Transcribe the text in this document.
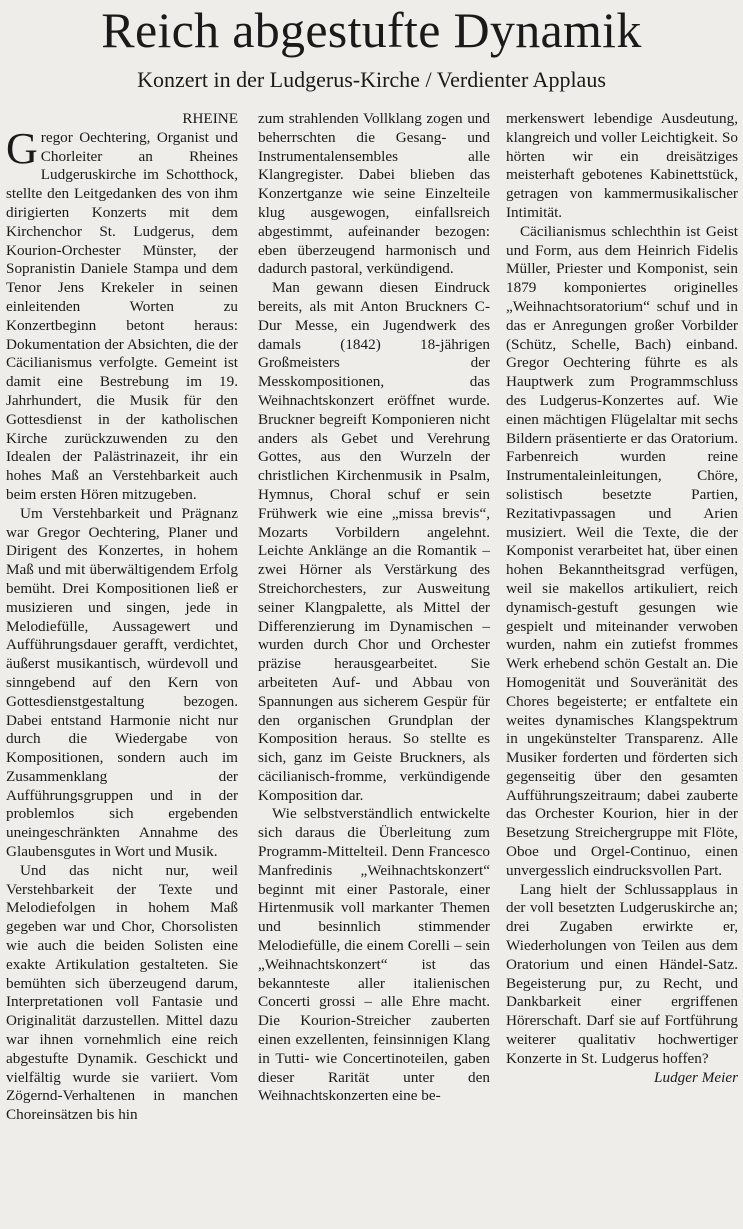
Reich abgestufte Dynamik
Konzert in der Ludgerus-Kirche / Verdienter Applaus

RHEINE

Gregor Oechtering, Organist und Chorleiter an Rheines Ludgeruskirche im Schotthock, stellte den Leitgedanken des von ihm dirigierten Konzerts mit dem Kirchenchor St. Ludgerus, dem Kourion-Orchester Münster, der Sopranistin Daniele Stampa und dem Tenor Jens Krekeler in seinen einleitenden Worten zu Konzertbeginn betont heraus: Dokumentation der Absichten, die der Cäcilianismus verfolgte. Gemeint ist damit eine Bestrebung im 19. Jahrhundert, die Musik für den Gottesdienst in der katholischen Kirche zurückzuwenden zu den Idealen der Palästrinazeit, ihr ein hohes Maß an Verstehbarkeit auch beim ersten Hören mitzugeben.

Um Verstehbarkeit und Prägnanz war Gregor Oechtering, Planer und Dirigent des Konzertes, in hohem Maß und mit überwältigendem Erfolg bemüht. Drei Kompositionen ließ er musizieren und singen, jede in Melodiefülle, Aussagewert und Aufführungsdauer gerafft, verdichtet, äußerst musikantisch, würdevoll und sinngebend auf den Kern von Gottesdienstgestaltung bezogen. Dabei entstand Harmonie nicht nur durch die Wiedergabe von Kompositionen, sondern auch im Zusammenklang der Aufführungsgruppen und in der problemlos sich ergebenden uneingeschränkten Annahme des Glaubensgutes in Wort und Musik.

Und das nicht nur, weil Verstehbarkeit der Texte und Melodiefolgen in hohem Maß gegeben war und Chor, Chorsolisten wie auch die beiden Solisten eine exakte Artikulation gestalteten. Sie bemühten sich überzeugend darum, Interpretationen voll Fantasie und Originalität darzustellen. Mittel dazu war ihnen vornehmlich eine reich abgestufte Dynamik. Geschickt und vielfältig wurde sie variiert. Vom Zögernd-Verhaltenen in manchen Choreinsätzen bis hin

zum strahlenden Vollklang zogen und beherrschten die Gesang- und Instrumentalensembles alle Klangregister. Dabei blieben das Konzertganze wie seine Einzelteile klug ausgewogen, einfallsreich abgestimmt, aufeinander bezogen: eben überzeugend harmonisch und dadurch pastoral, verkündigend.

Man gewann diesen Eindruck bereits, als mit Anton Bruckners C-Dur Messe, ein Jugendwerk des damals (1842) 18-jährigen Großmeisters der Messkompositionen, das Weihnachtskonzert eröffnet wurde. Bruckner begreift Komponieren nicht anders als Gebet und Verehrung Gottes, aus den Wurzeln der christlichen Kirchenmusik in Psalm, Hymnus, Choral schuf er sein Frühwerk wie eine „missa brevis“, Mozarts Vorbildern angelehnt. Leichte Anklänge an die Romantik – zwei Hörner als Verstärkung des Streichorchesters, zur Ausweitung seiner Klangpalette, als Mittel der Differenzierung im Dynamischen – wurden durch Chor und Orchester präzise herausgearbeitet. Sie arbeiteten Auf- und Abbau von Spannungen aus sicherem Gespür für den organischen Grundplan der Komposition heraus. So stellte es sich, ganz im Geiste Bruckners, als cäcilianisch-fromme, verkündigende Komposition dar.

Wie selbstverständlich entwickelte sich daraus die Überleitung zum Programm-Mittelteil. Denn Francesco Manfredinis „Weihnachtskonzert“ beginnt mit einer Pastorale, einer Hirtenmusik voll markanter Themen und besinnlich stimmender Melodiefülle, die einem Corelli – sein „Weihnachtskonzert“ ist das bekannteste aller italienischen Concerti grossi – alle Ehre macht. Die Kourion-Streicher zauberten einen exzellenten, feinsinnigen Klang in Tutti- wie Concertinoteilen, gaben dieser Rarität unter den Weihnachtskonzerten eine be-

merkenswert lebendige Ausdeutung, klangreich und voller Leichtigkeit. So hörten wir ein dreisätziges meisterhaft gebotenes Kabinettstück, getragen von kammermusikalischer Intimität.

Cäcilianismus schlechthin ist Geist und Form, aus dem Heinrich Fidelis Müller, Priester und Komponist, sein 1879 komponiertes originelles „Weihnachtsoratorium“ schuf und in das er Anregungen großer Vorbilder (Schütz, Schelle, Bach) einband. Gregor Oechtering führte es als Hauptwerk zum Programmschluss des Ludgerus-Konzertes auf. Wie einen mächtigen Flügelaltar mit sechs Bildern präsentierte er das Oratorium. Farbenreich wurden reine Instrumentaleinleitungen, Chöre, solistisch besetzte Partien, Rezitativpassagen und Arien musiziert. Weil die Texte, die der Komponist verarbeitet hat, über einen hohen Bekanntheitsgrad verfügen, weil sie makellos artikuliert, reich dynamisch-gestuft gesungen wie gespielt und miteinander verwoben wurden, nahm ein zutiefst frommes Werk erhebend schön Gestalt an. Die Homogenität und Souveränität des Chores begeisterte; er entfaltete ein weites dynamisches Klangspektrum in ungekünstelter Transparenz. Alle Musiker forderten und förderten sich gegenseitig über den gesamten Aufführungszeitraum; dabei zauberte das Orchester Kourion, hier in der Besetzung Streichergruppe mit Flöte, Oboe und Orgel-Continuo, einen unvergesslich eindrucksvollen Part.

Lang hielt der Schlussapplaus in der voll besetzten Ludgeruskirche an; drei Zugaben erwirkte er, Wiederholungen von Teilen aus dem Oratorium und einen Händel-Satz. Begeisterung pur, zu Recht, und Dankbarkeit einer ergriffenen Hörerschaft. Darf sie auf Fortführung weiterer qualitativ hochwertiger Konzerte in St. Ludgerus hoffen?

Ludger Meier
